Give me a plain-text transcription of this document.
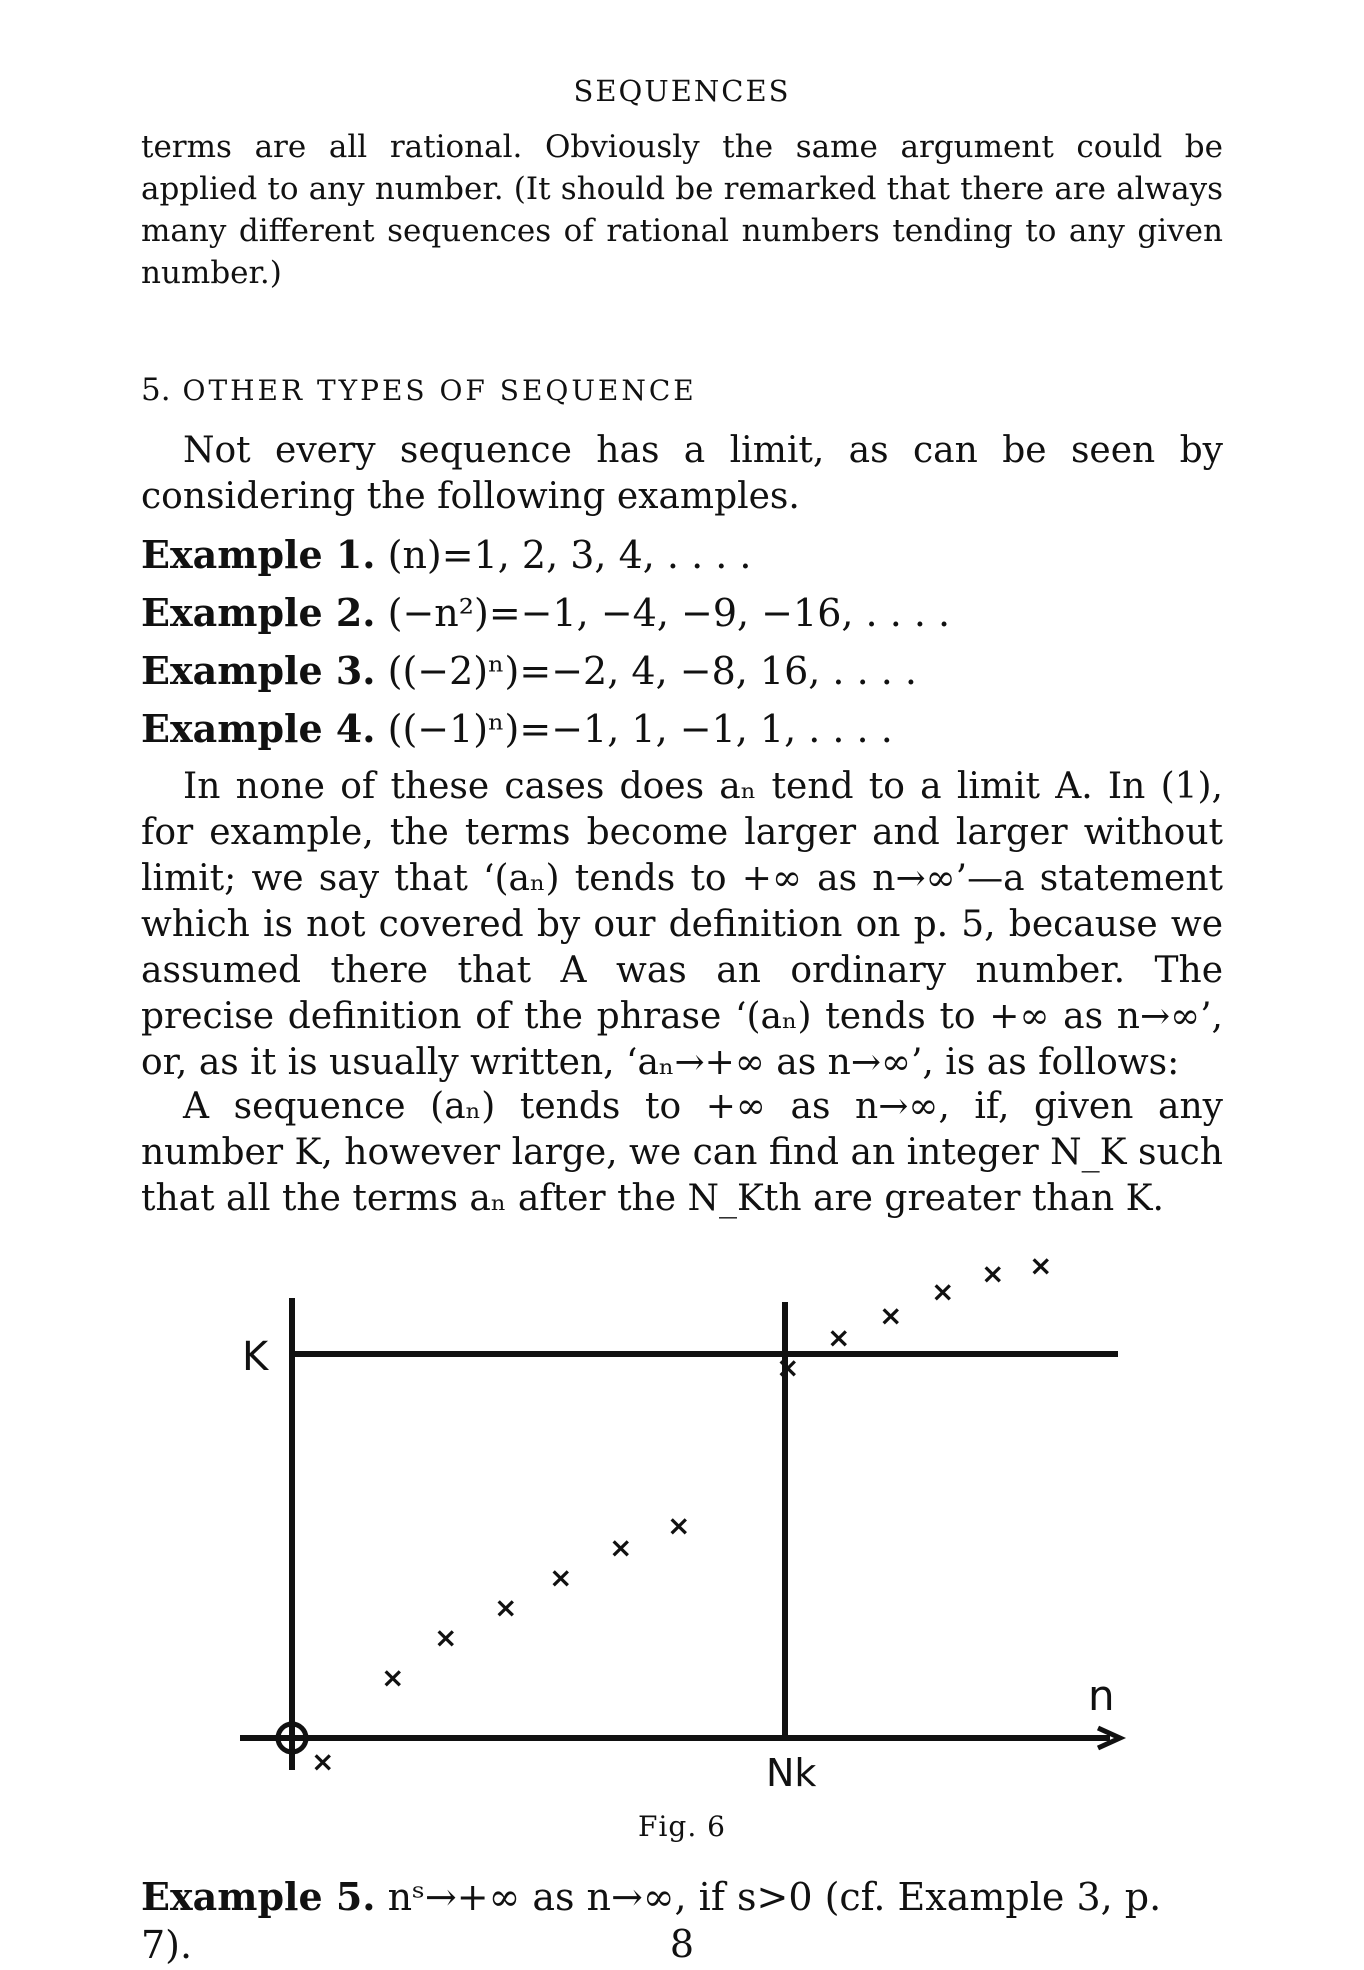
SEQUENCES
terms are all rational. Obviously the same argument could be applied to any number. (It should be remarked that there are always many different sequences of rational numbers tending to any given number.)
5. OTHER TYPES OF SEQUENCE
Not every sequence has a limit, as can be seen by considering the following examples.
Example 1. (n)=1, 2, 3, 4, . . . .
Example 2. (−n²)=−1, −4, −9, −16, . . . .
Example 3. ((−2)ⁿ)=−2, 4, −8, 16, . . . .
Example 4. ((−1)ⁿ)=−1, 1, −1, 1, . . . .
In none of these cases does aₙ tend to a limit A. In (1), for example, the terms become larger and larger without limit; we say that ‘(aₙ) tends to +∞ as n→∞’—a statement which is not covered by our definition on p. 5, because we assumed there that A was an ordinary number. The precise definition of the phrase ‘(aₙ) tends to +∞ as n→∞’, or, as it is usually written, ‘aₙ→+∞ as n→∞’, is as follows:
A sequence (aₙ) tends to +∞ as n→∞, if, given any number K, however large, we can find an integer N_K such that all the terms aₙ after the N_Kth are greater than K.
K
n
Nk
×
×
×
×
×
×
×
×
×
×
×
× ×
Fig. 6
Example 5. nˢ→+∞ as n→∞, if s>0 (cf. Example 3, p. 7).	8
